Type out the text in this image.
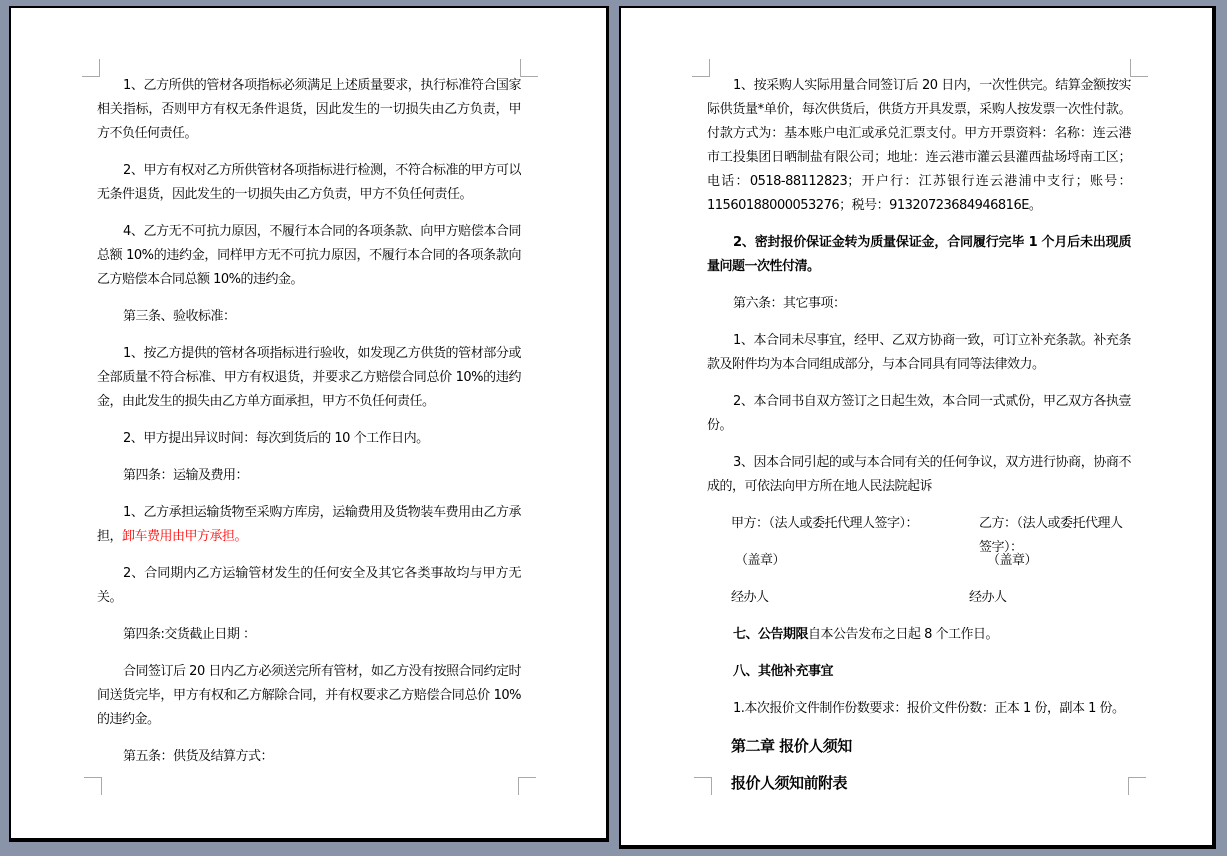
1、乙方所供的管材各项指标必须满足上述质量要求，执行标准符合国家相关指标，否则甲方有权无条件退货，因此发生的一切损失由乙方负责，甲方不负任何责任。

2、甲方有权对乙方所供管材各项指标进行检测，不符合标准的甲方可以无条件退货，因此发生的一切损失由乙方负责，甲方不负任何责任。

4、乙方无不可抗力原因，不履行本合同的各项条款、向甲方赔偿本合同总额 10%的违约金，同样甲方无不可抗力原因，不履行本合同的各项条款向乙方赔偿本合同总额 10%的违约金。

第三条、验收标准：

1、按乙方提供的管材各项指标进行验收，如发现乙方供货的管材部分或全部质量不符合标准、甲方有权退货，并要求乙方赔偿合同总价 10%的违约金，由此发生的损失由乙方单方面承担，甲方不负任何责任。

2、甲方提出异议时间：每次到货后的 10 个工作日内。

第四条：运输及费用：

1、乙方承担运输货物至采购方库房，运输费用及货物装车费用由乙方承担，卸车费用由甲方承担。

2、合同期内乙方运输管材发生的任何安全及其它各类事故均与甲方无关。

第四条:交货截止日期 ：

合同签订后 20 日内乙方必须送完所有管材，如乙方没有按照合同约定时间送货完毕，甲方有权和乙方解除合同，并有权要求乙方赔偿合同总价 10%的违约金。

第五条：供货及结算方式：

1、按采购人实际用量合同签订后 20 日内，一次性供完。结算金额按实际供货量*单价，每次供货后，供货方开具发票，采购人按发票一次性付款。付款方式为：基本账户电汇或承兑汇票支付。甲方开票资料：名称：连云港市工投集团日晒制盐有限公司；地址：连云港市灌云县灌西盐场埒南工区；电话：0518-88112823；开户行：江苏银行连云港浦中支行；账号：11560188000053276；税号：91320723684946816E。

2、密封报价保证金转为质量保证金，合同履行完毕 1 个月后未出现质量问题一次性付清。

第六条：其它事项：

1、本合同未尽事宜，经甲、乙双方协商一致，可订立补充条款。补充条款及附件均为本合同组成部分，与本合同具有同等法律效力。

2、本合同书自双方签订之日起生效，本合同一式贰份，甲乙双方各执壹份。

3、因本合同引起的或与本合同有关的任何争议，双方进行协商，协商不成的，可依法向甲方所在地人民法院起诉

甲方：（法人或委托代理人签字）：	乙方：（法人或委托代理人签字）：
（盖章）	（盖章）
经办人	经办人

七、公告期限自本公告发布之日起 8 个工作日。

八、其他补充事宜

1.本次报价文件制作份数要求：报价文件份数：正本 1 份，副本 1 份。

第二章 报价人须知

报价人须知前附表
